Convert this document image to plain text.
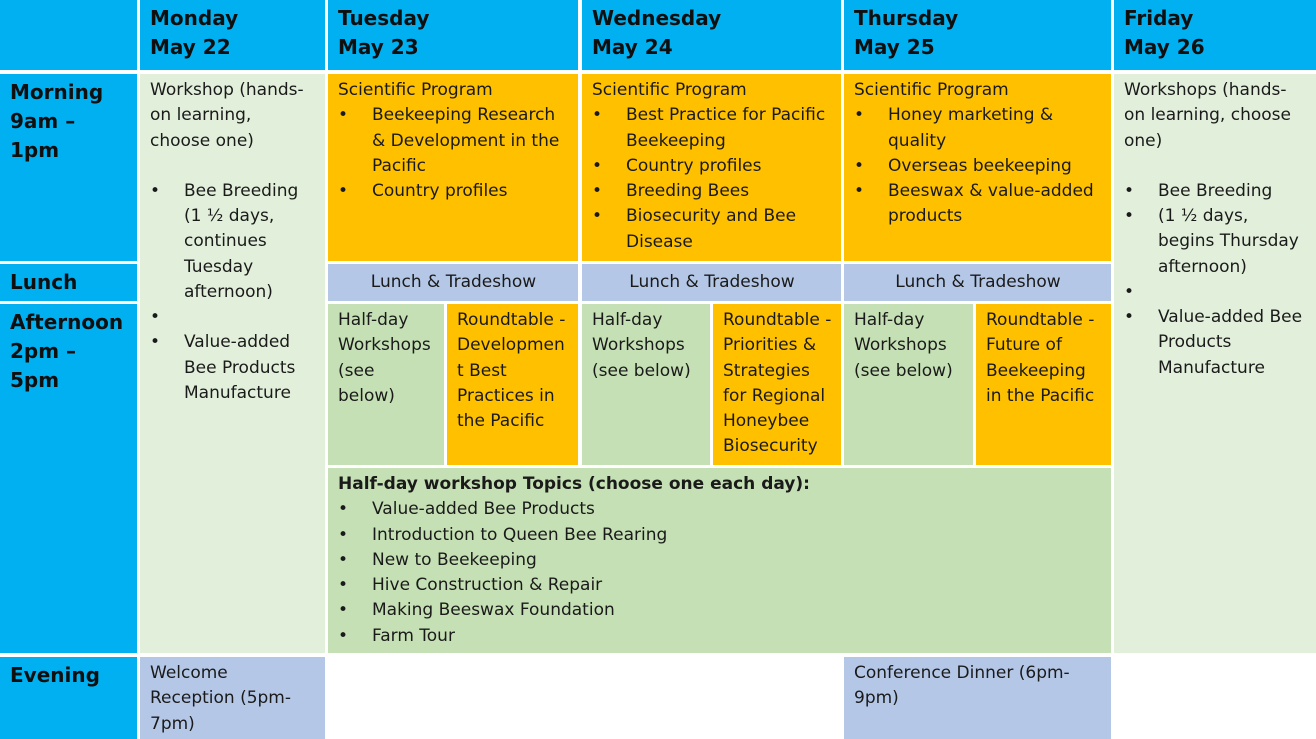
Monday
May 22
Tuesday
May 23
Wednesday
May 24
Thursday
May 25
Friday
May 26
Morning
9am – 1pm
Lunch
Afternoon
2pm – 5pm
Evening
Workshop (hands-on learning, choose one)
• Bee Breeding (1 ½ days, continues Tuesday afternoon)
•
• Value-added Bee Products Manufacture
Scientific Program
• Beekeeping Research & Development in the Pacific
• Country profiles
Scientific Program
• Best Practice for Pacific Beekeeping
• Country profiles
• Breeding Bees
• Biosecurity and Bee Disease
Scientific Program
• Honey marketing & quality
• Overseas beekeeping
• Beeswax & value-added products
Workshops (hands-on learning, choose one)
• Bee Breeding
• (1 ½ days, begins Thursday afternoon)
•
• Value-added Bee Products Manufacture
Lunch & Tradeshow	Lunch & Tradeshow	Lunch & Tradeshow
Half-day Workshops (see below)
Roundtable - Developmen t Best Practices in the Pacific
Half-day Workshops (see below)
Roundtable - Priorities & Strategies for Regional Honeybee Biosecurity
Half-day Workshops (see below)
Roundtable - Future of Beekeeping in the Pacific
Half-day workshop Topics (choose one each day):
• Value-added Bee Products
• Introduction to Queen Bee Rearing
• New to Beekeeping
• Hive Construction & Repair
• Making Beeswax Foundation
• Farm Tour
Welcome Reception (5pm-7pm)
Conference Dinner (6pm-9pm)
